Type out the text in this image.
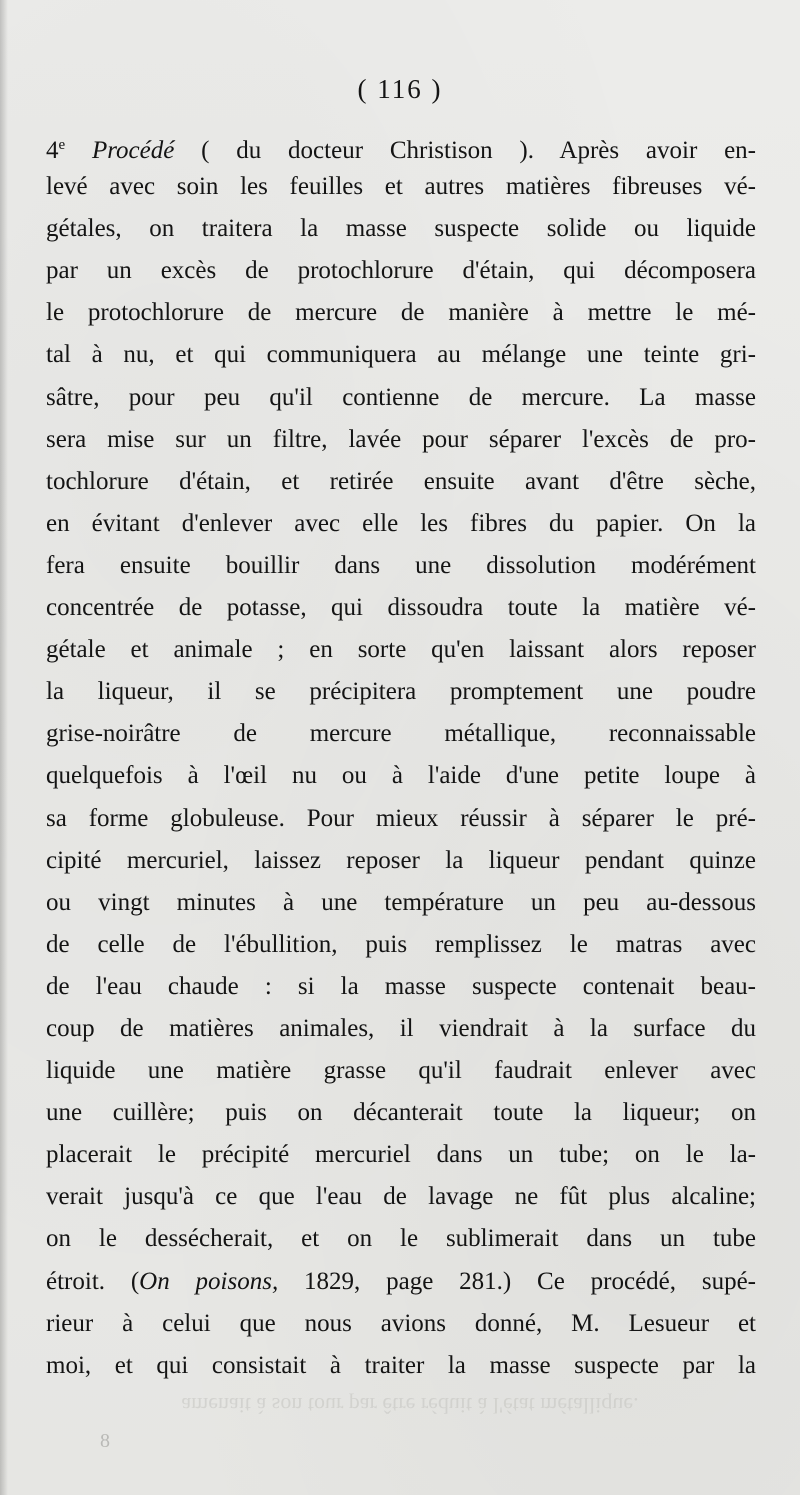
( 116 )
4e Procédé ( du docteur Christison ). Après avoir en-
levé avec soin les feuilles et autres matières fibreuses vé-
gétales, on traitera la masse suspecte solide ou liquide
par un excès de protochlorure d'étain, qui décomposera
le protochlorure de mercure de manière à mettre le mé-
tal à nu, et qui communiquera au mélange une teinte gri-
sâtre, pour peu qu'il contienne de mercure. La masse
sera mise sur un filtre, lavée pour séparer l'excès de pro-
tochlorure d'étain, et retirée ensuite avant d'être sèche,
en évitant d'enlever avec elle les fibres du papier. On la
fera ensuite bouillir dans une dissolution modérément
concentrée de potasse, qui dissoudra toute la matière vé-
gétale et animale ; en sorte qu'en laissant alors reposer
la liqueur, il se précipitera promptement une poudre
grise-noirâtre de mercure métallique, reconnaissable
quelquefois à l'œil nu ou à l'aide d'une petite loupe à
sa forme globuleuse. Pour mieux réussir à séparer le pré-
cipité mercuriel, laissez reposer la liqueur pendant quinze
ou vingt minutes à une température un peu au-dessous
de celle de l'ébullition, puis remplissez le matras avec
de l'eau chaude : si la masse suspecte contenait beau-
coup de matières animales, il viendrait à la surface du
liquide une matière grasse qu'il faudrait enlever avec
une cuillère; puis on décanterait toute la liqueur; on
placerait le précipité mercuriel dans un tube; on le la-
verait jusqu'à ce que l'eau de lavage ne fût plus alcaline;
on le dessécherait, et on le sublimerait dans un tube
étroit. (On poisons, 1829, page 281.) Ce procédé, supé-
rieur à celui que nous avions donné, M. Lesueur et
moi, et qui consistait à traiter la masse suspecte par la
amenait à son tour par être réduit à l'état métallique.
8
